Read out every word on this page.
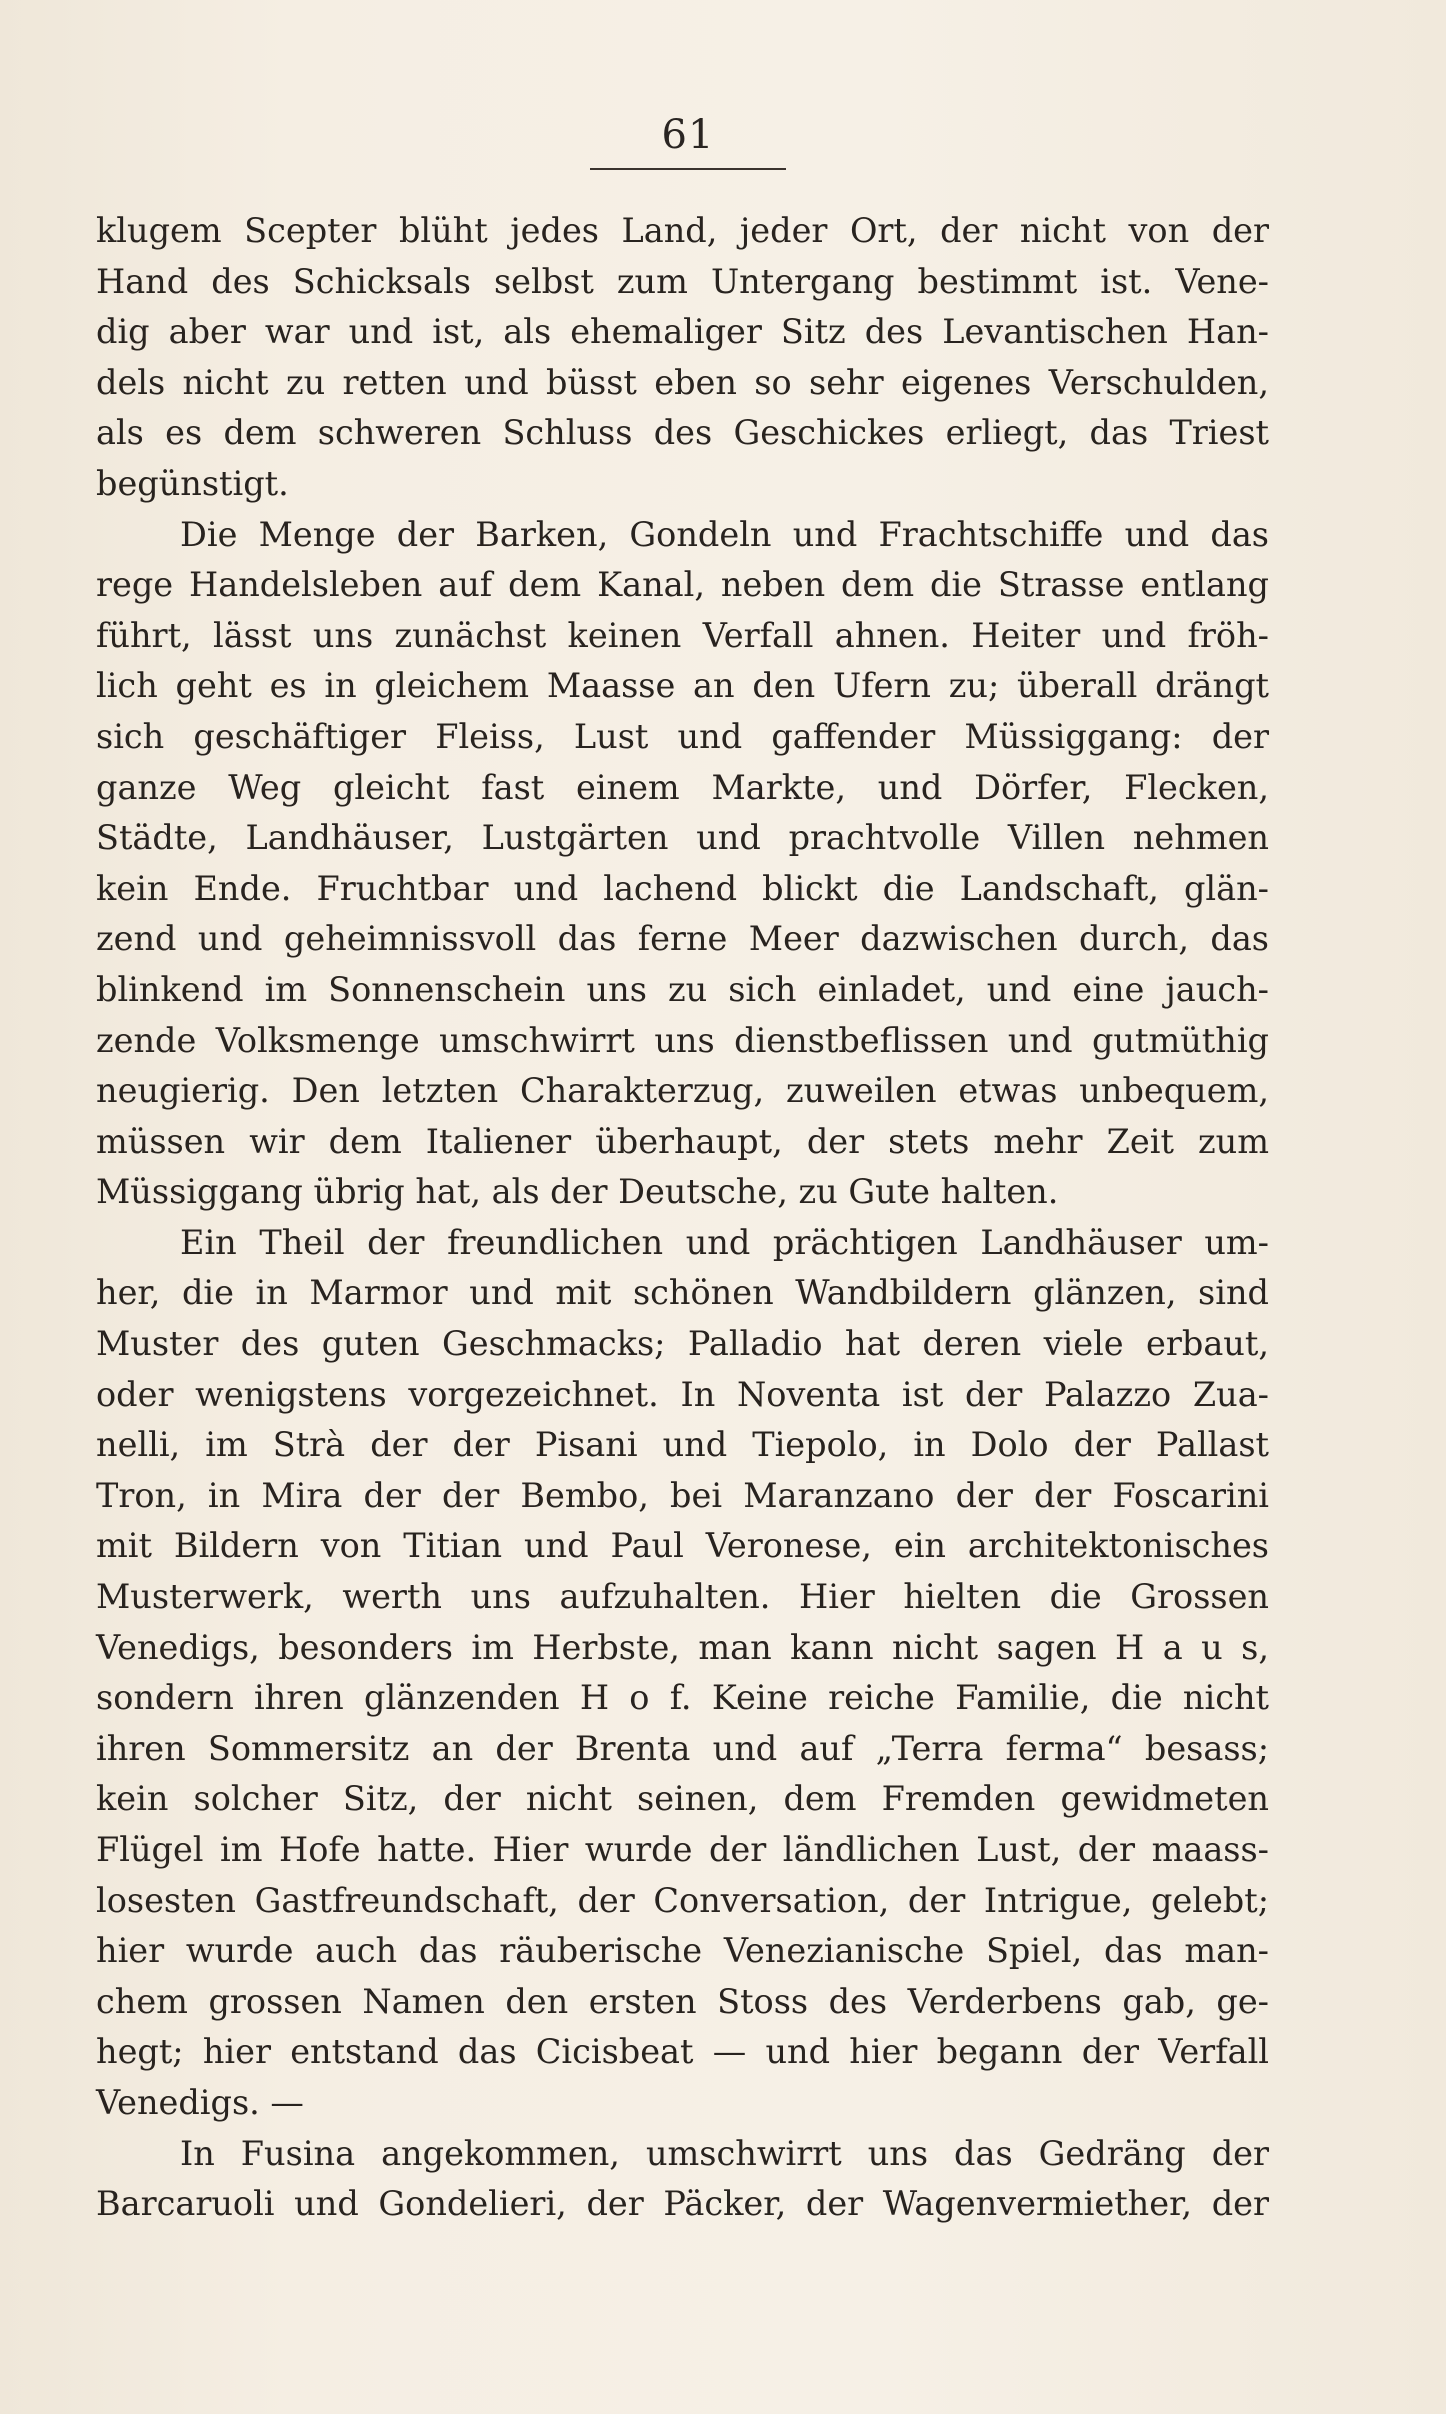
61
klugem Scepter blüht jedes Land, jeder Ort, der nicht von der
Hand des Schicksals selbst zum Untergang bestimmt ist. Vene-
dig aber war und ist, als ehemaliger Sitz des Levantischen Han-
dels nicht zu retten und büsst eben so sehr eigenes Verschulden,
als es dem schweren Schluss des Geschickes erliegt, das Triest
begünstigt.
Die Menge der Barken, Gondeln und Frachtschiffe und das
rege Handelsleben auf dem Kanal, neben dem die Strasse entlang
führt, lässt uns zunächst keinen Verfall ahnen. Heiter und fröh-
lich geht es in gleichem Maasse an den Ufern zu; überall drängt
sich geschäftiger Fleiss, Lust und gaffender Müssiggang: der
ganze Weg gleicht fast einem Markte, und Dörfer, Flecken,
Städte, Landhäuser, Lustgärten und prachtvolle Villen nehmen
kein Ende. Fruchtbar und lachend blickt die Landschaft, glän-
zend und geheimnissvoll das ferne Meer dazwischen durch, das
blinkend im Sonnenschein uns zu sich einladet, und eine jauch-
zende Volksmenge umschwirrt uns dienstbeflissen und gutmüthig
neugierig. Den letzten Charakterzug, zuweilen etwas unbequem,
müssen wir dem Italiener überhaupt, der stets mehr Zeit zum
Müssiggang übrig hat, als der Deutsche, zu Gute halten.
Ein Theil der freundlichen und prächtigen Landhäuser um-
her, die in Marmor und mit schönen Wandbildern glänzen, sind
Muster des guten Geschmacks; Palladio hat deren viele erbaut,
oder wenigstens vorgezeichnet. In Noventa ist der Palazzo Zua-
nelli, im Strà der der Pisani und Tiepolo, in Dolo der Pallast
Tron, in Mira der der Bembo, bei Maranzano der der Foscarini
mit Bildern von Titian und Paul Veronese, ein architektonisches
Musterwerk, werth uns aufzuhalten. Hier hielten die Grossen
Venedigs, besonders im Herbste, man kann nicht sagen H a u s,
sondern ihren glänzenden H o f. Keine reiche Familie, die nicht
ihren Sommersitz an der Brenta und auf „Terra ferma“ besass;
kein solcher Sitz, der nicht seinen, dem Fremden gewidmeten
Flügel im Hofe hatte. Hier wurde der ländlichen Lust, der maass-
losesten Gastfreundschaft, der Conversation, der Intrigue, gelebt;
hier wurde auch das räuberische Venezianische Spiel, das man-
chem grossen Namen den ersten Stoss des Verderbens gab, ge-
hegt; hier entstand das Cicisbeat — und hier begann der Verfall
Venedigs. —
In Fusina angekommen, umschwirrt uns das Gedräng der
Barcaruoli und Gondelieri, der Päcker, der Wagenvermiether, der
